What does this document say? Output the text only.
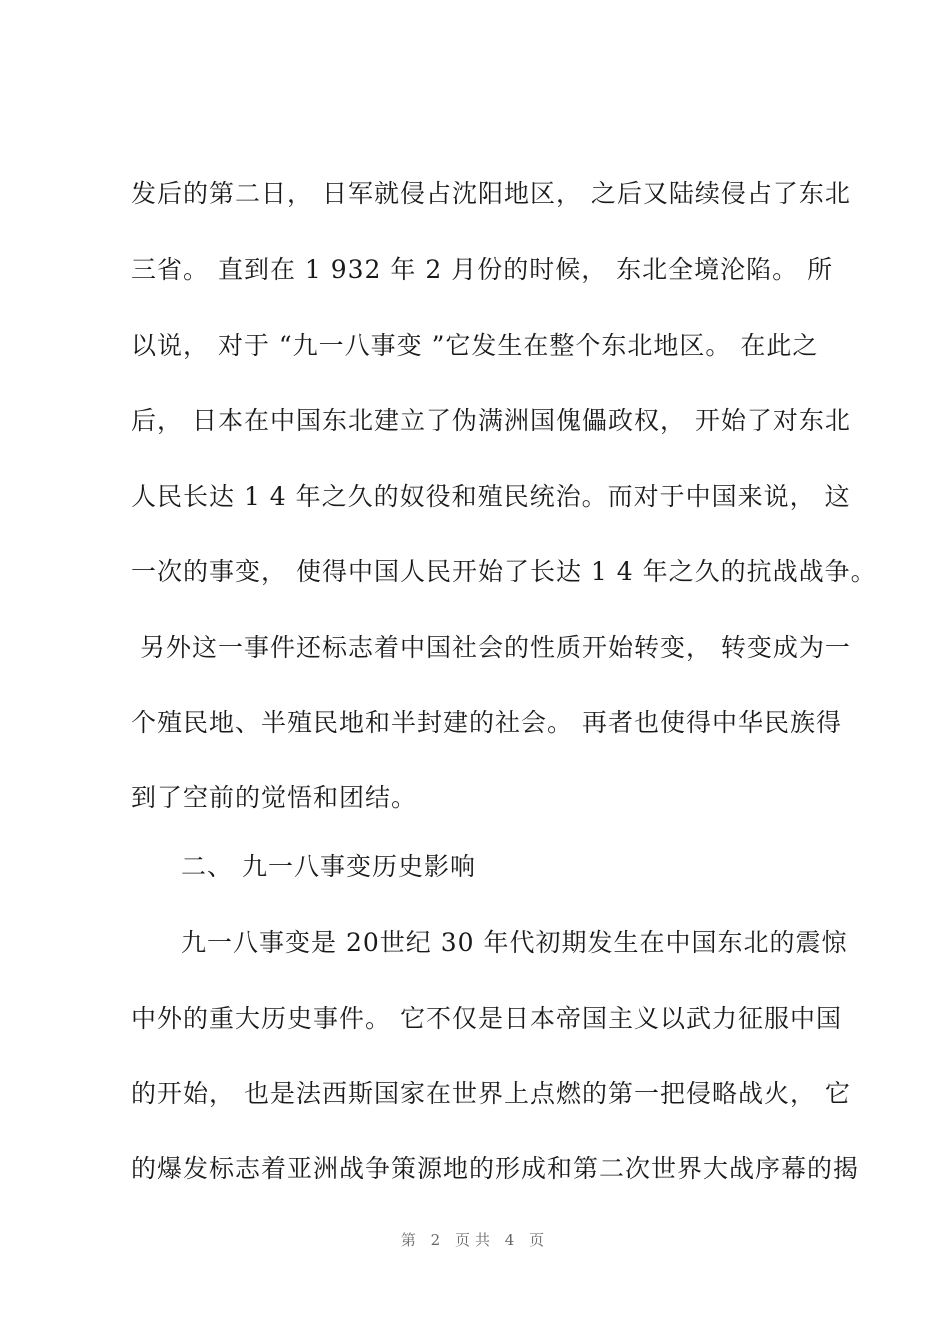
发后的第二日， 日军就侵占沈阳地区， 之后又陆续侵占了东北
三省。 直到在 1 932 年 2 月份的时候， 东北全境沦陷。 所
以说， 对于 “九一八事变 ”它发生在整个东北地区。 在此之
后， 日本在中国东北建立了伪满洲国傀儡政权， 开始了对东北
人民长达 1 4 年之久的奴役和殖民统治。而对于中国来说， 这
一次的事变， 使得中国人民开始了长达 1 4 年之久的抗战战争。
另外这一事件还标志着中国社会的性质开始转变， 转变成为一
个殖民地、半殖民地和半封建的社会。 再者也使得中华民族得
到了空前的觉悟和团结。
二、 九一八事变历史影响
九一八事变是 20世纪 30 年代初期发生在中国东北的震惊
中外的重大历史事件。 它不仅是日本帝国主义以武力征服中国
的开始， 也是法西斯国家在世界上点燃的第一把侵略战火， 它
的爆发标志着亚洲战争策源地的形成和第二次世界大战序幕的揭
第 2 页共 4 页
